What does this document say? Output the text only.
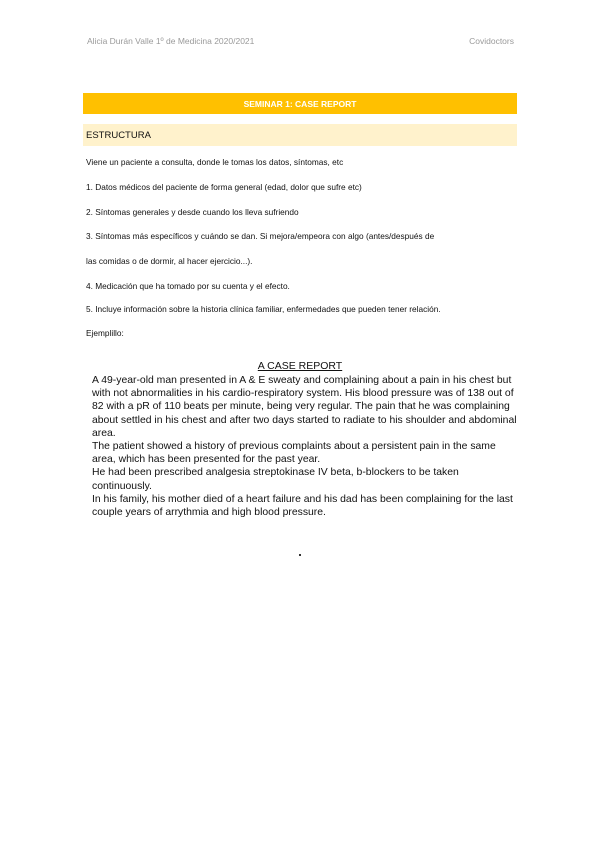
Alicia Durán Valle 1º de Medicina 2020/2021	Covidoctors
SEMINAR 1: CASE REPORT
ESTRUCTURA
Viene un paciente a consulta, donde le tomas los datos, síntomas, etc
1. Datos médicos del paciente de forma general (edad, dolor que sufre etc)
2. Síntomas generales y desde cuando los lleva sufriendo
3. Síntomas más específicos y cuándo se dan. Si mejora/empeora con algo (antes/después de
las comidas o de dormir, al hacer ejercicio...).
4. Medicación que ha tomado por su cuenta y el efecto.
5. Incluye información sobre la historia clínica familiar, enfermedades que pueden tener relación.
Ejemplillo:
A CASE REPORT

A 49-year-old man presented in A & E sweaty and complaining about a pain in his chest but with not abnormalities in his cardio-respiratory system. His blood pressure was of 138 out of 82 with a pR of 110 beats per minute, being very regular. The pain that he was complaining about settled in his chest and after two days started to radiate to his shoulder and abdominal area.

The patient showed a history of previous complaints about a persistent pain in the same area, which has been presented for the past year.

He had been prescribed analgesia streptokinase IV beta, b-blockers to be taken continuously.

In his family, his mother died of a heart failure and his dad has been complaining for the last couple years of arrythmia and high blood pressure.
